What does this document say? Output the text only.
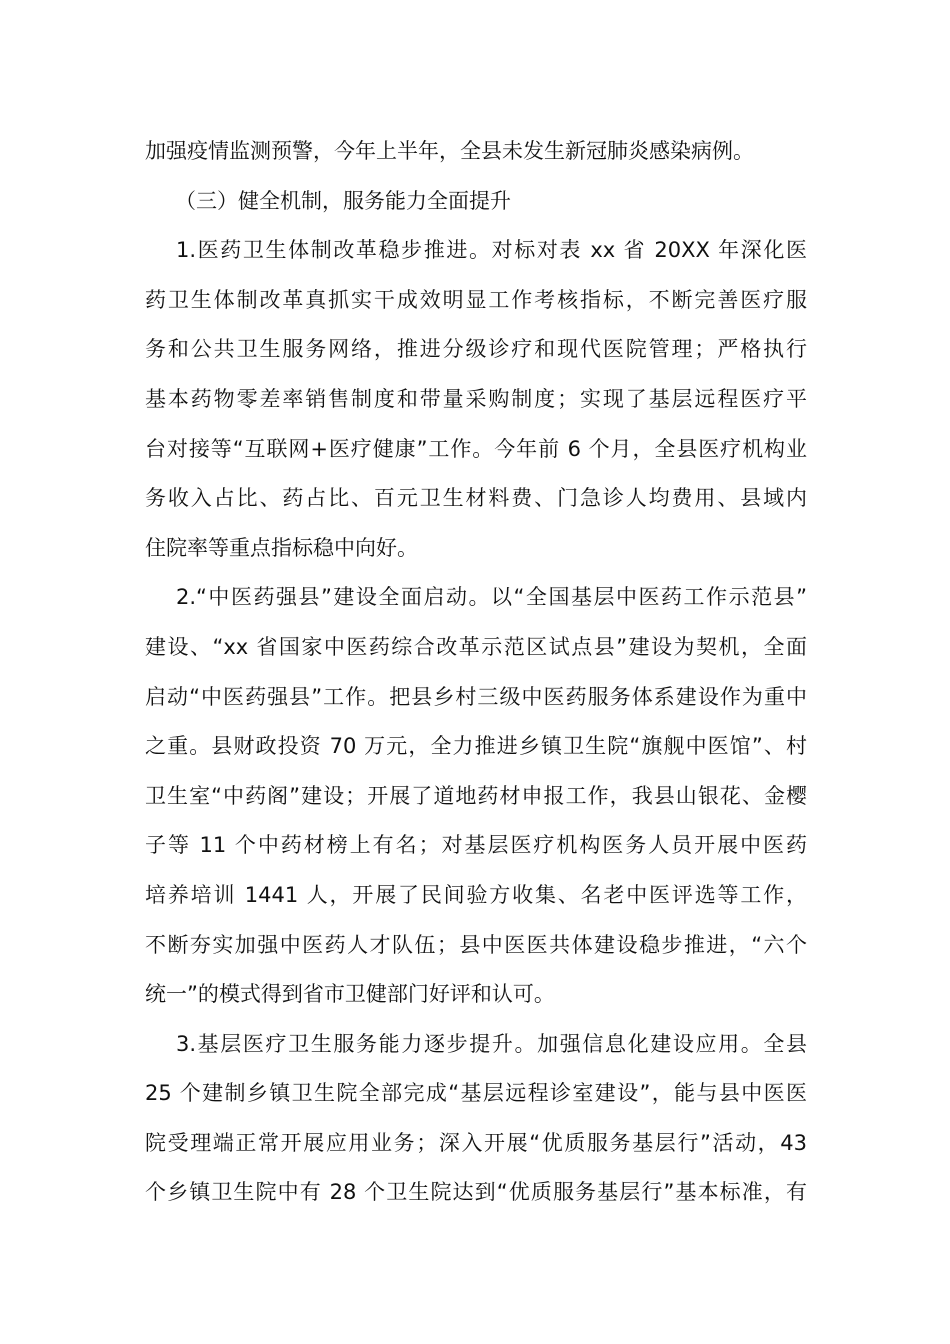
加强疫情监测预警，今年上半年，全县未发生新冠肺炎感染病例。
（三）健全机制，服务能力全面提升
1.医药卫生体制改革稳步推进。对标对表 xx 省 20XX 年深化医
药卫生体制改革真抓实干成效明显工作考核指标，不断完善医疗服
务和公共卫生服务网络，推进分级诊疗和现代医院管理；严格执行
基本药物零差率销售制度和带量采购制度；实现了基层远程医疗平
台对接等“互联网+医疗健康”工作。今年前 6 个月，全县医疗机构业
务收入占比、药占比、百元卫生材料费、门急诊人均费用、县域内
住院率等重点指标稳中向好。
2.“中医药强县”建设全面启动。以“全国基层中医药工作示范县”
建设、“xx 省国家中医药综合改革示范区试点县”建设为契机，全面
启动“中医药强县”工作。把县乡村三级中医药服务体系建设作为重中
之重。县财政投资 70 万元，全力推进乡镇卫生院“旗舰中医馆”、村
卫生室“中药阁”建设；开展了道地药材申报工作，我县山银花、金樱
子等 11 个中药材榜上有名；对基层医疗机构医务人员开展中医药
培养培训 1441 人，开展了民间验方收集、名老中医评选等工作，
不断夯实加强中医药人才队伍；县中医医共体建设稳步推进，“六个
统一”的模式得到省市卫健部门好评和认可。
3.基层医疗卫生服务能力逐步提升。加强信息化建设应用。全县
25 个建制乡镇卫生院全部完成“基层远程诊室建设”，能与县中医医
院受理端正常开展应用业务；深入开展“优质服务基层行”活动，43
个乡镇卫生院中有 28 个卫生院达到“优质服务基层行”基本标准，有
